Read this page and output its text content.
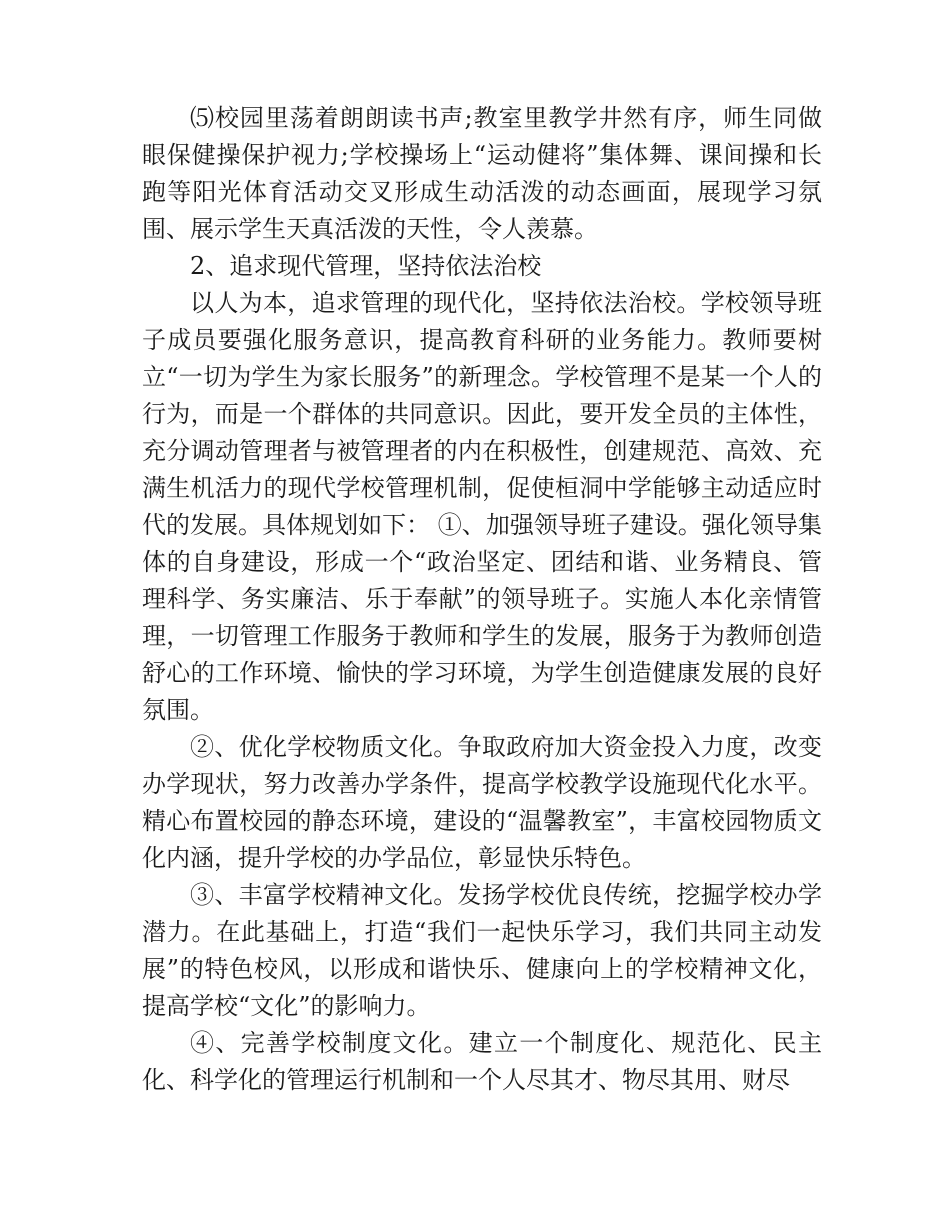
⑸校园里荡着朗朗读书声;教室里教学井然有序，师生同做眼保健操保护视力;学校操场上“运动健将”集体舞、课间操和长跑等阳光体育活动交叉形成生动活泼的动态画面，展现学习氛围、展示学生天真活泼的天性，令人羡慕。

2、追求现代管理，坚持依法治校

以人为本，追求管理的现代化，坚持依法治校。学校领导班子成员要强化服务意识，提高教育科研的业务能力。教师要树立“一切为学生为家长服务”的新理念。学校管理不是某一个人的行为，而是一个群体的共同意识。因此，要开发全员的主体性，充分调动管理者与被管理者的内在积极性，创建规范、高效、充满生机活力的现代学校管理机制，促使桓洞中学能够主动适应时代的发展。具体规划如下： ①、加强领导班子建设。强化领导集体的自身建设，形成一个“政治坚定、团结和谐、业务精良、管理科学、务实廉洁、乐于奉献”的领导班子。实施人本化亲情管理，一切管理工作服务于教师和学生的发展，服务于为教师创造舒心的工作环境、愉快的学习环境，为学生创造健康发展的良好氛围。

②、优化学校物质文化。争取政府加大资金投入力度，改变办学现状，努力改善办学条件，提高学校教学设施现代化水平。精心布置校园的静态环境，建设的“温馨教室”，丰富校园物质文化内涵，提升学校的办学品位，彰显快乐特色。

③、丰富学校精神文化。发扬学校优良传统，挖掘学校办学潜力。在此基础上，打造“我们一起快乐学习，我们共同主动发展”的特色校风，以形成和谐快乐、健康向上的学校精神文化，提高学校“文化”的影响力。

④、完善学校制度文化。建立一个制度化、规范化、民主化、科学化的管理运行机制和一个人尽其才、物尽其用、财尽
